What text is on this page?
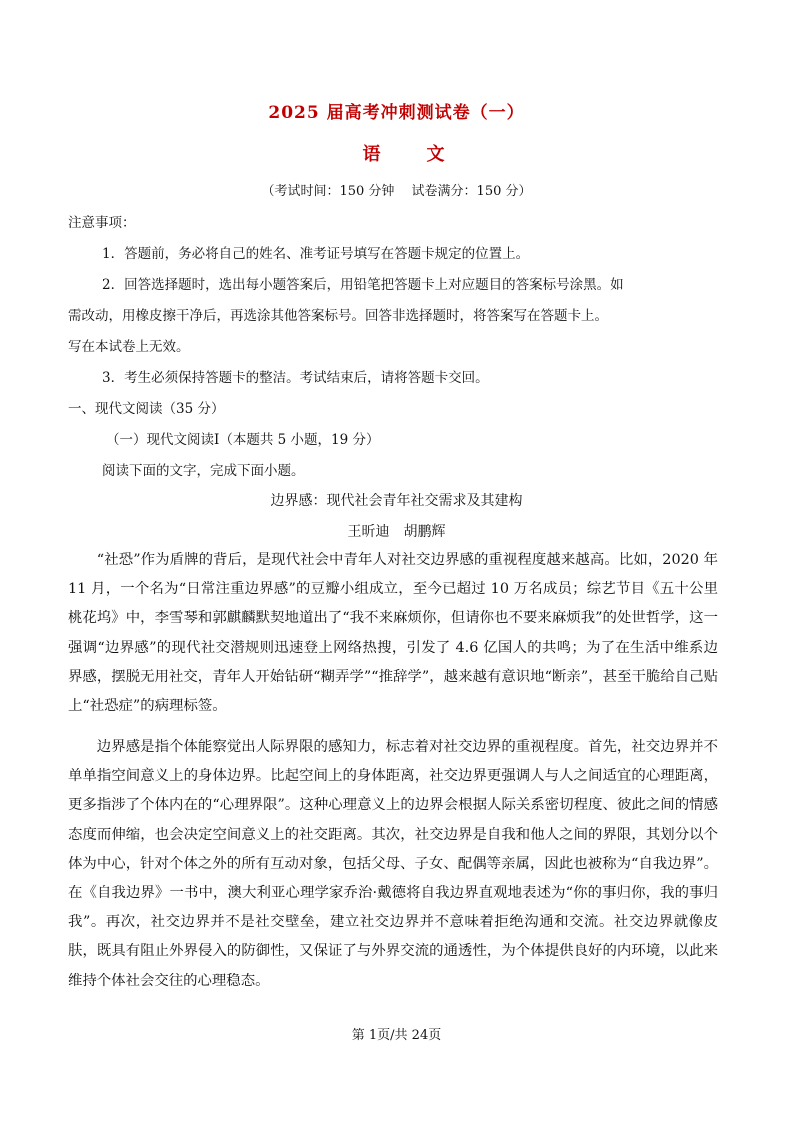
2025 届高考冲刺测试卷（一）
语　文
（考试时间：150 分钟　 试卷满分：150 分）
注意事项：
1．答题前，务必将自己的姓名、准考证号填写在答题卡规定的位置上。
2．回答选择题时，选出每小题答案后，用铅笔把答题卡上对应题目的答案标号涂黑。如
需改动，用橡皮擦干净后，再选涂其他答案标号。回答非选择题时，将答案写在答题卡上。
写在本试卷上无效。
3．考生必须保持答题卡的整洁。考试结束后，请将答题卡交回。
一、现代文阅读（35 分）
（一）现代文阅读Ⅰ（本题共 5 小题，19 分）
阅读下面的文字，完成下面小题。
边界感：现代社会青年社交需求及其建构
王昕迪　胡鹏辉
“社恐”作为盾牌的背后，是现代社会中青年人对社交边界感的重视程度越来越高。比如，2020 年 11 月，一个名为“日常注重边界感”的豆瓣小组成立，至今已超过 10 万名成员；综艺节目《五十公里桃花坞》中，李雪琴和郭麒麟默契地道出了“我不来麻烦你，但请你也不要来麻烦我”的处世哲学，这一强调“边界感”的现代社交潜规则迅速登上网络热搜，引发了 4.6 亿国人的共鸣；为了在生活中维系边界感，摆脱无用社交，青年人开始钻研“糊弄学”“推辞学”，越来越有意识地“断亲”，甚至干脆给自己贴上“社恐症”的病理标签。
边界感是指个体能察觉出人际界限的感知力，标志着对社交边界的重视程度。首先，社交边界并不单单指空间意义上的身体边界。比起空间上的身体距离，社交边界更强调人与人之间适宜的心理距离，更多指涉了个体内在的“心理界限”。这种心理意义上的边界会根据人际关系密切程度、彼此之间的情感态度而伸缩，也会决定空间意义上的社交距离。其次，社交边界是自我和他人之间的界限，其划分以个体为中心，针对个体之外的所有互动对象，包括父母、子女、配偶等亲属，因此也被称为“自我边界”。在《自我边界》一书中，澳大利亚心理学家乔治·戴德将自我边界直观地表述为“你的事归你，我的事归我”。再次，社交边界并不是社交壁垒，建立社交边界并不意味着拒绝沟通和交流。社交边界就像皮肤，既具有阻止外界侵入的防御性，又保证了与外界交流的通透性，为个体提供良好的内环境，以此来维持个体社会交往的心理稳态。
第 1页/共 24页
